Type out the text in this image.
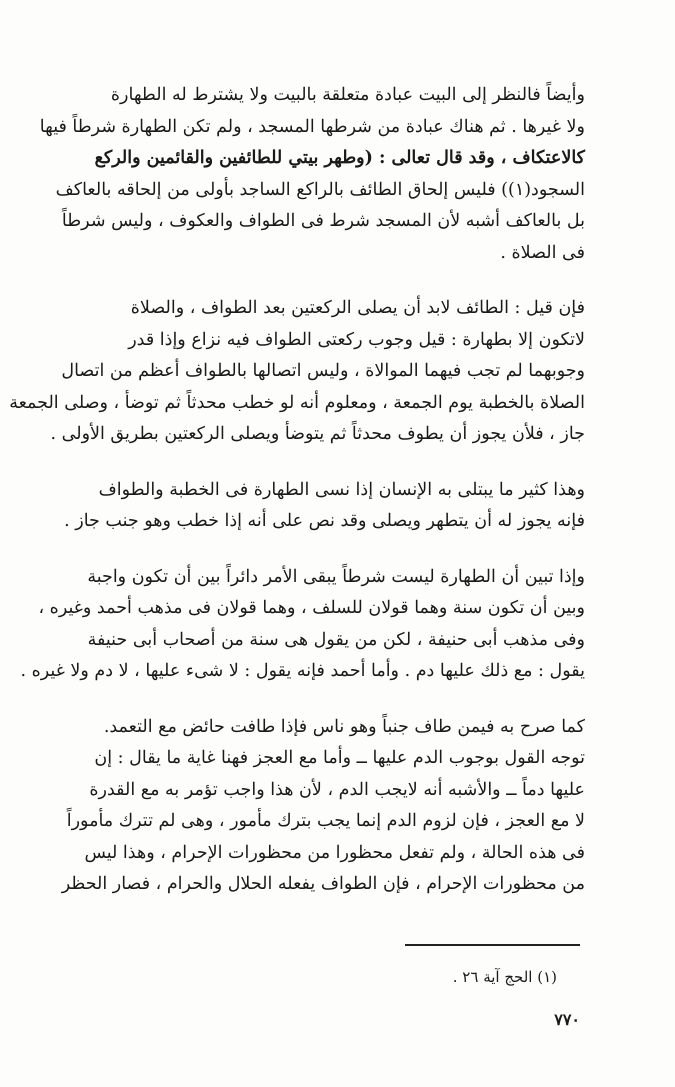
وأيضاً فالنظر إلى البيت عبادة متعلقة بالبيت ولا يشترط له الطهارة
ولا غيرها . ثم هناك عبادة من شرطها المسجد ، ولم تكن الطهارة شرطاً فيها
كالاعتكاف ، وقد قال تعالى : (وطهر بيتي للطائفين والقائمين والركع
السجود(١)) فليس إلحاق الطائف بالراكع الساجد بأولى من إلحاقه بالعاكف
بل بالعاكف أشبه لأن المسجد شرط فى الطواف والعكوف ، وليس شرطاً
فى الصلاة .

فإن قيل : الطائف لابد أن يصلى الركعتين بعد الطواف ، والصلاة
لاتكون إلا بطهارة : قيل وجوب ركعتى الطواف فيه نزاع وإذا قدر
وجوبهما لم تجب فيهما الموالاة ، وليس اتصالها بالطواف أعظم من اتصال
الصلاة بالخطبة يوم الجمعة ، ومعلوم أنه لو خطب محدثاً ثم توضأ ، وصلى الجمعة
جاز ، فلأن يجوز أن يطوف محدثاً ثم يتوضأ ويصلى الركعتين بطريق الأولى .

وهذا كثير ما يبتلى به الإنسان إذا نسى الطهارة فى الخطبة والطواف
فإنه يجوز له أن يتطهر ويصلى وقد نص على أنه إذا خطب وهو جنب جاز .

وإذا تبين أن الطهارة ليست شرطاً يبقى الأمر دائراً بين أن تكون واجبة
وبين أن تكون سنة وهما قولان للسلف ، وهما قولان فى مذهب أحمد وغيره ،
وفى مذهب أبى حنيفة ، لكن من يقول هى سنة من أصحاب أبى حنيفة
يقول : مع ذلك عليها دم . وأما أحمد فإنه يقول : لا شىء عليها ، لا دم ولا غيره .

كما صرح به فيمن طاف جنباً وهو ناس فإذا طافت حائض مع التعمد.
توجه القول بوجوب الدم عليها ــ وأما مع العجز فهنا غاية ما يقال : إن
عليها دماً ــ والأشبه أنه لايجب الدم ، لأن هذا واجب تؤمر به مع القدرة
لا مع العجز ، فإن لزوم الدم إنما يجب بترك مأمور ، وهى لم تترك مأموراً
فى هذه الحالة ، ولم تفعل محظورا من محظورات الإحرام ، وهذا ليس
من محظورات الإحرام ، فإن الطواف يفعله الحلال والحرام ، فصار الحظر

(١) الحج آية ٢٦ .
٧٧٠
